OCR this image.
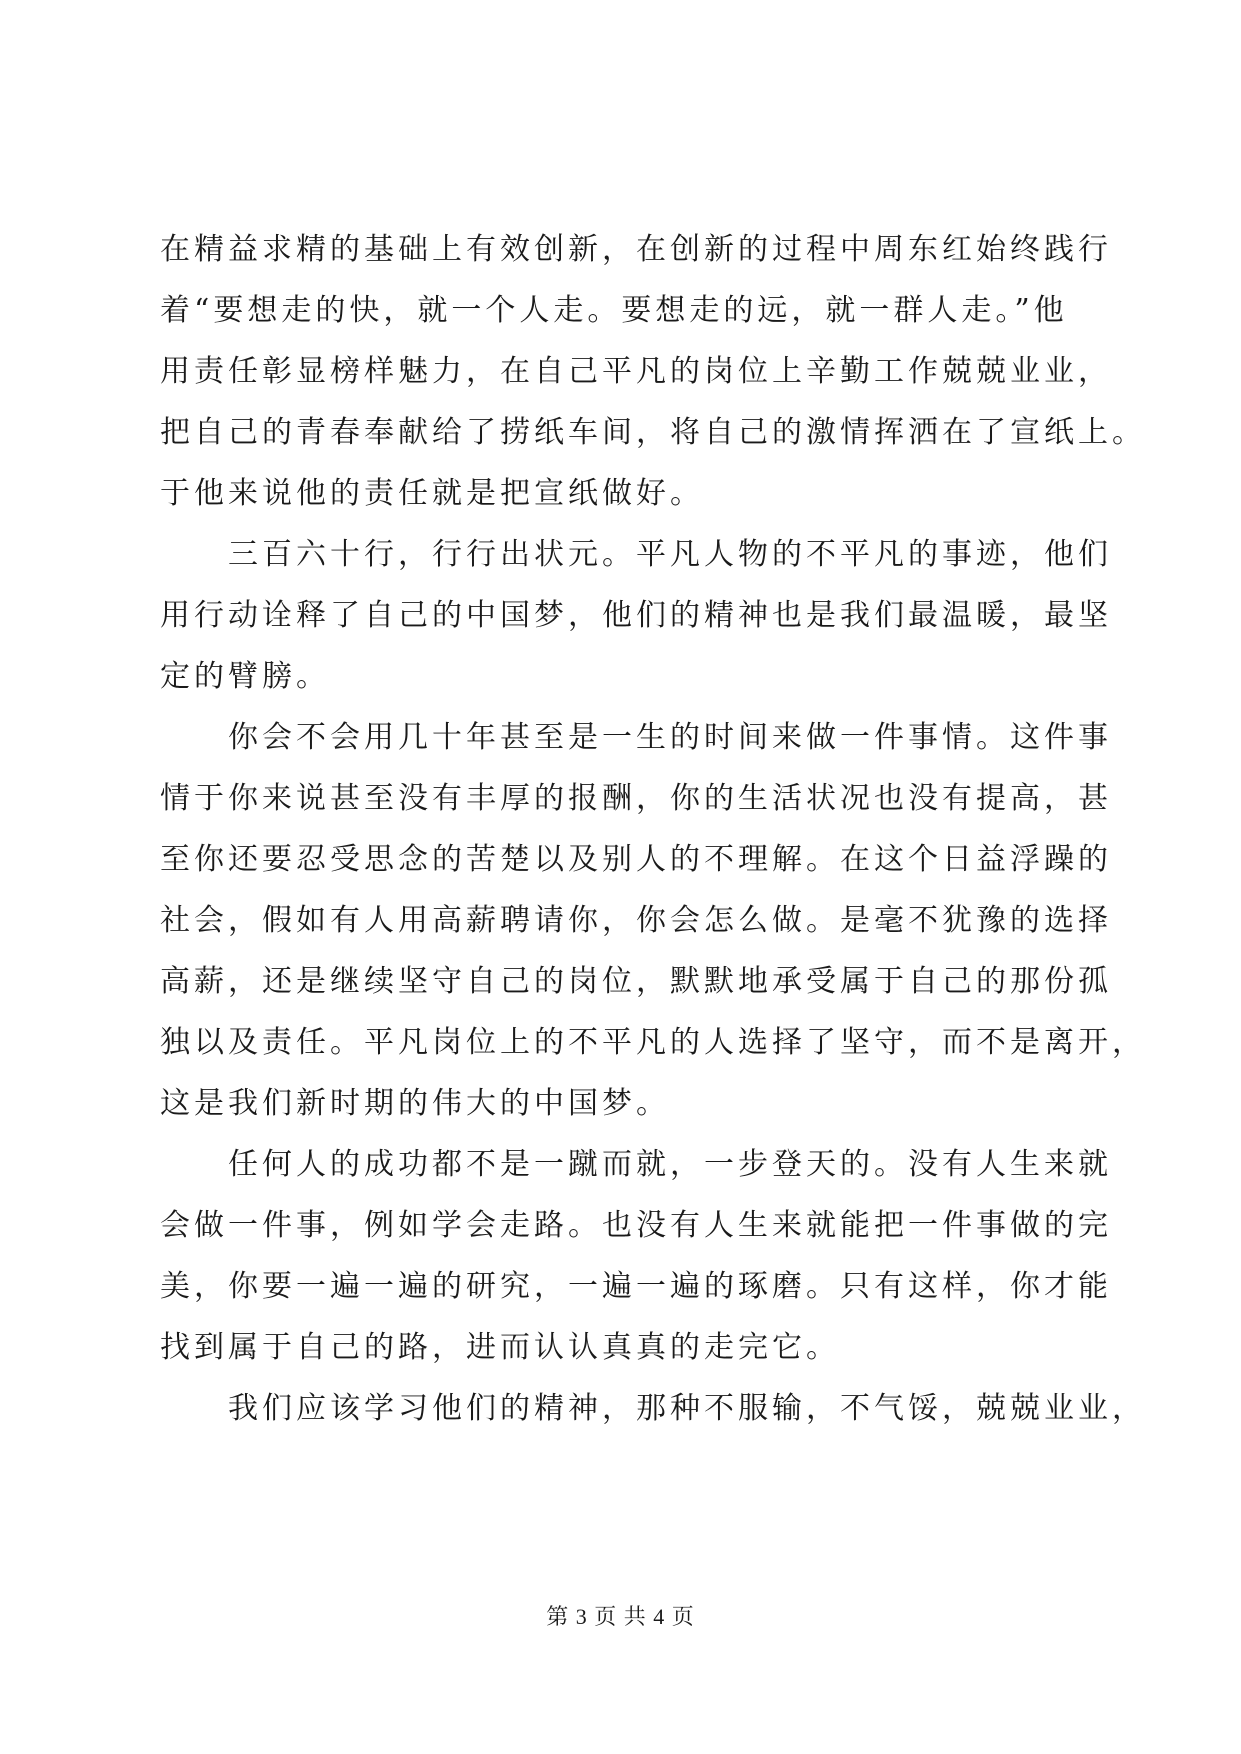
在精益求精的基础上有效创新，在创新的过程中周东红始终践行
着“要想走的快，就一个人走。要想走的远，就一群人走。”他
用责任彰显榜样魅力，在自己平凡的岗位上辛勤工作兢兢业业，
把自己的青春奉献给了捞纸车间，将自己的激情挥洒在了宣纸上。
于他来说他的责任就是把宣纸做好。

三百六十行，行行出状元。平凡人物的不平凡的事迹，他们
用行动诠释了自己的中国梦，他们的精神也是我们最温暖，最坚
定的臂膀。

你会不会用几十年甚至是一生的时间来做一件事情。这件事
情于你来说甚至没有丰厚的报酬，你的生活状况也没有提高，甚
至你还要忍受思念的苦楚以及别人的不理解。在这个日益浮躁的
社会，假如有人用高薪聘请你，你会怎么做。是毫不犹豫的选择
高薪，还是继续坚守自己的岗位，默默地承受属于自己的那份孤
独以及责任。平凡岗位上的不平凡的人选择了坚守，而不是离开，
这是我们新时期的伟大的中国梦。

任何人的成功都不是一蹴而就，一步登天的。没有人生来就
会做一件事，例如学会走路。也没有人生来就能把一件事做的完
美，你要一遍一遍的研究，一遍一遍的琢磨。只有这样，你才能
找到属于自己的路，进而认认真真的走完它。

我们应该学习他们的精神，那种不服输，不气馁，兢兢业业，

第 3 页 共 4 页
